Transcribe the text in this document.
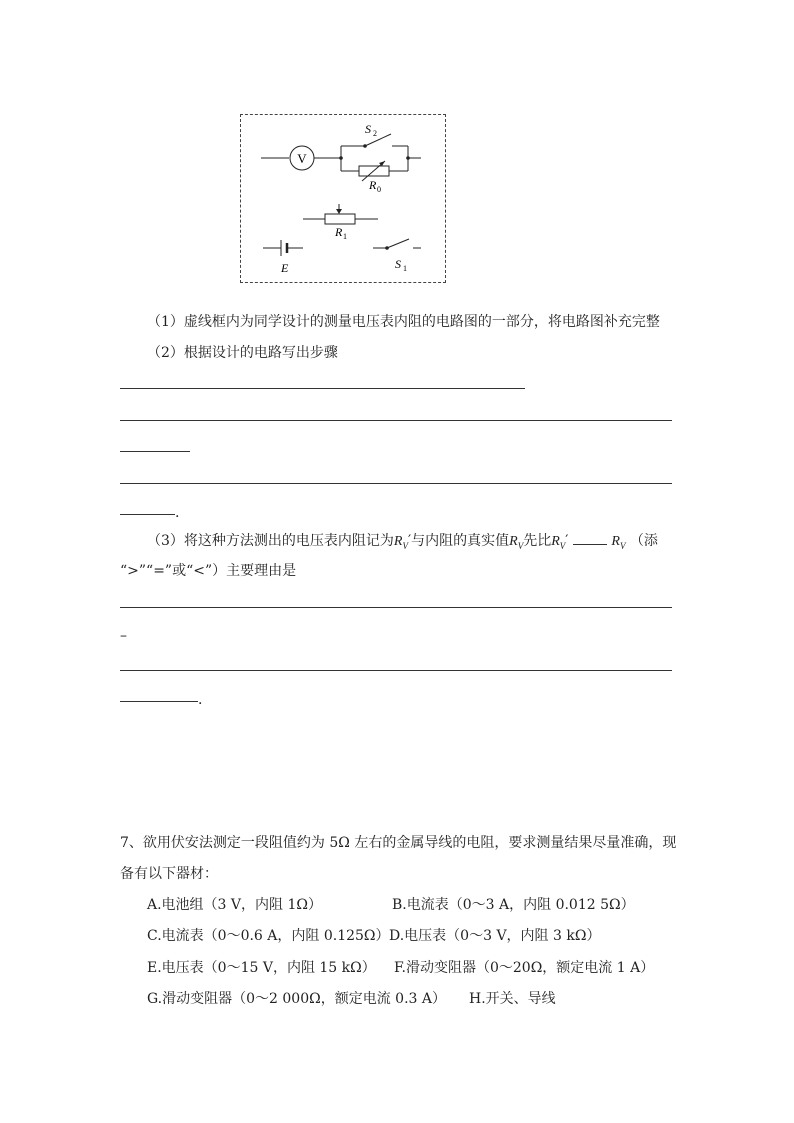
V
S 2
R 0
R 1
E	S 1
（1）虚线框内为同学设计的测量电压表内阻的电路图的一部分，将电路图补充完整
（2）根据设计的电路写出步骤
.
（3）将这种方法测出的电压表内阻记为$R_V'$与内阻的真实值$R_V$先比$R_V'$	$R_V$ （添
“>”“=”或“<”）主要理由是
–
.
7、欲用伏安法测定一段阻值约为 5Ω 左右的金属导线的电阻，要求测量结果尽量准确，现
备有以下器材：
A.电池组（3 V，内阻 1Ω）	B.电流表（0～3 A，内阻 0.012 5Ω）
C.电流表（0～0.6 A，内阻 0.125Ω） D.电压表（0～3 V，内阻 3 kΩ）
E.电压表（0～15 V，内阻 15 kΩ） F.滑动变阻器（0～20Ω，额定电流 1 A）
G.滑动变阻器（0～2 000Ω，额定电流 0.3 A） H.开关、导线
